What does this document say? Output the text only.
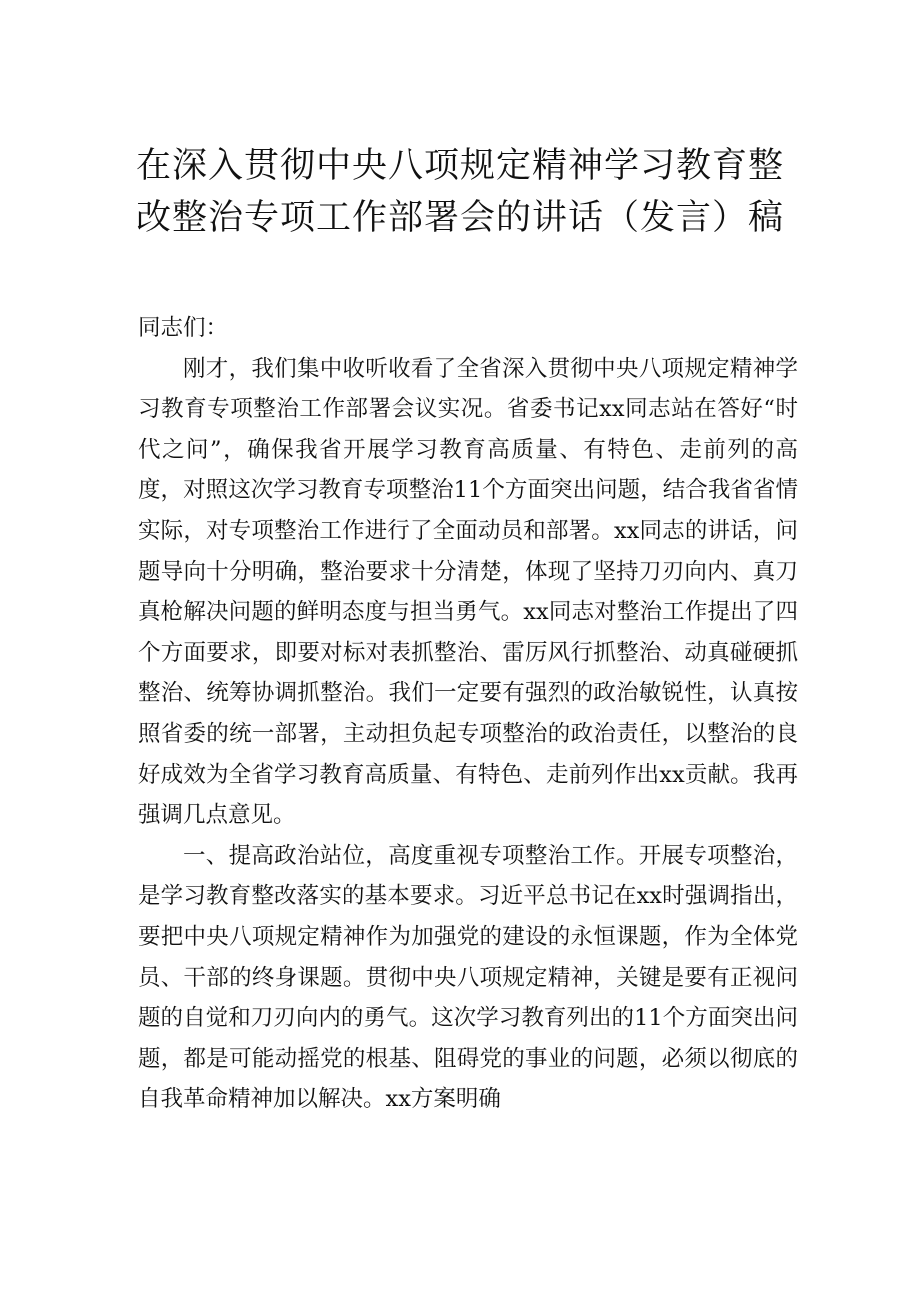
在深入贯彻中央八项规定精神学习教育整
改整治专项工作部署会的讲话（发言）稿

同志们：

刚才，我们集中收听收看了全省深入贯彻中央八项规定精神学习教育专项整治工作部署会议实况。省委书记xx同志站在答好“时代之问”，确保我省开展学习教育高质量、有特色、走前列的高度，对照这次学习教育专项整治11个方面突出问题，结合我省省情实际，对专项整治工作进行了全面动员和部署。xx同志的讲话，问题导向十分明确，整治要求十分清楚，体现了坚持刀刃向内、真刀真枪解决问题的鲜明态度与担当勇气。xx同志对整治工作提出了四个方面要求，即要对标对表抓整治、雷厉风行抓整治、动真碰硬抓整治、统筹协调抓整治。我们一定要有强烈的政治敏锐性，认真按照省委的统一部署，主动担负起专项整治的政治责任，以整治的良好成效为全省学习教育高质量、有特色、走前列作出xx贡献。我再强调几点意见。

一、提高政治站位，高度重视专项整治工作。开展专项整治，是学习教育整改落实的基本要求。习近平总书记在xx时强调指出，要把中央八项规定精神作为加强党的建设的永恒课题，作为全体党员、干部的终身课题。贯彻中央八项规定精神，关键是要有正视问题的自觉和刀刃向内的勇气。这次学习教育列出的11个方面突出问题，都是可能动摇党的根基、阻碍党的事业的问题，必须以彻底的自我革命精神加以解决。xx方案明确
